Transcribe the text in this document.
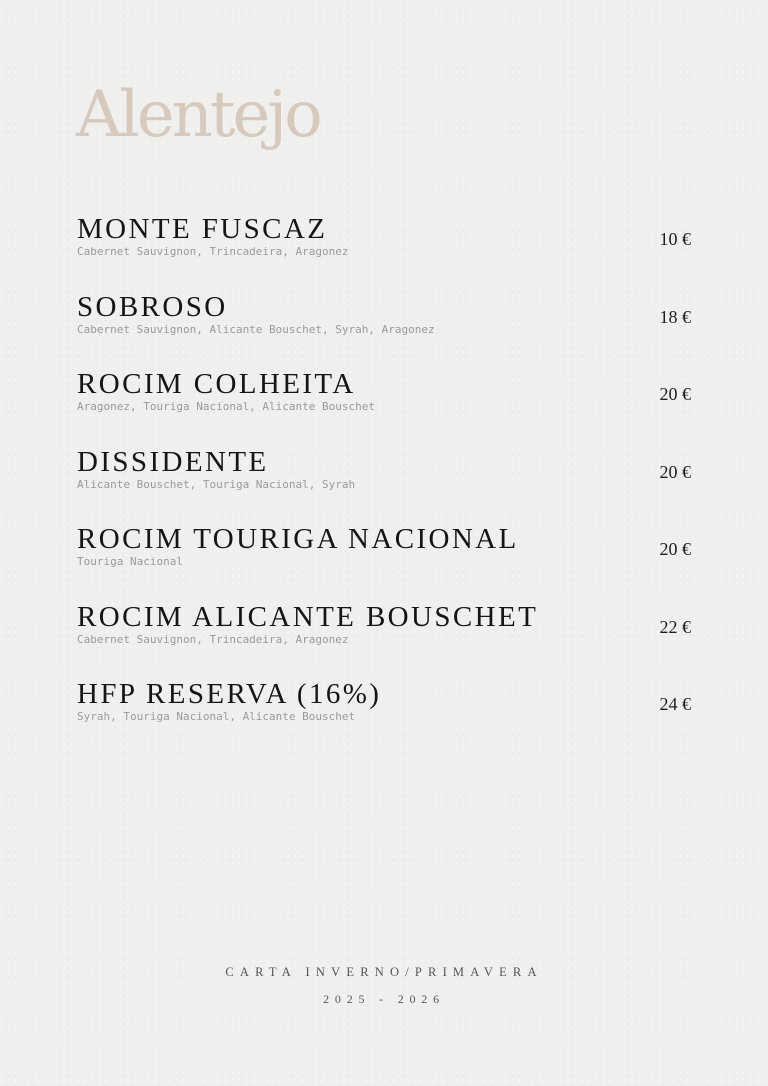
Alentejo
MONTE FUSCAZ
Cabernet Sauvignon, Trincadeira, Aragonez
10 €
SOBROSO
Cabernet Sauvignon, Alicante Bouschet, Syrah, Aragonez
18 €
ROCIM COLHEITA
Aragonez, Touriga Nacional, Alicante Bouschet
20 €
DISSIDENTE
Alicante Bouschet, Touriga Nacional, Syrah
20 €
ROCIM TOURIGA NACIONAL
Touriga Nacional
20 €
ROCIM ALICANTE BOUSCHET
Cabernet Sauvignon, Trincadeira, Aragonez
22 €
HFP RESERVA (16%)
Syrah, Touriga Nacional, Alicante Bouschet
24 €
CARTA INVERNO/PRIMAVERA
2025 - 2026
